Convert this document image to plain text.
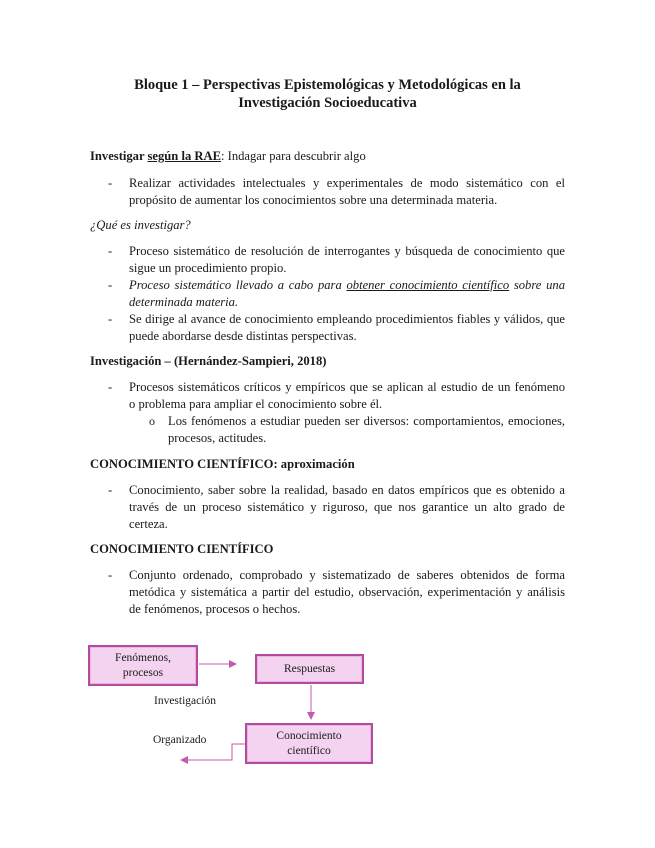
Bloque 1 – Perspectivas Epistemológicas y Metodológicas en la
Investigación Socioeducativa
Investigar según la RAE: Indagar para descubrir algo
- Realizar actividades intelectuales y experimentales de modo sistemático con el
propósito de aumentar los conocimientos sobre una determinada materia.
¿Qué es investigar?
- Proceso sistemático de resolución de interrogantes y búsqueda de conocimiento que
sigue un procedimiento propio.
- Proceso sistemático llevado a cabo para obtener conocimiento científico sobre una
determinada materia.
- Se dirige al avance de conocimiento empleando procedimientos fiables y válidos, que
puede abordarse desde distintas perspectivas.
Investigación – (Hernández-Sampieri, 2018)
- Procesos sistemáticos críticos y empíricos que se aplican al estudio de un fenómeno
o problema para ampliar el conocimiento sobre él.
o Los fenómenos a estudiar pueden ser diversos: comportamientos, emociones,
procesos, actitudes.
CONOCIMIENTO CIENTÍFICO: aproximación
- Conocimiento, saber sobre la realidad, basado en datos empíricos que es obtenido a
través de un proceso sistemático y riguroso, que nos garantice un alto grado de
certeza.
CONOCIMIENTO CIENTÍFICO
- Conjunto ordenado, comprobado y sistematizado de saberes obtenidos de forma
metódica y sistemática a partir del estudio, observación, experimentación y análisis
de fenómenos, procesos o hechos.
Fenómenos,
procesos	Respuestas
Conocimiento
científico
Investigación
Organizado
